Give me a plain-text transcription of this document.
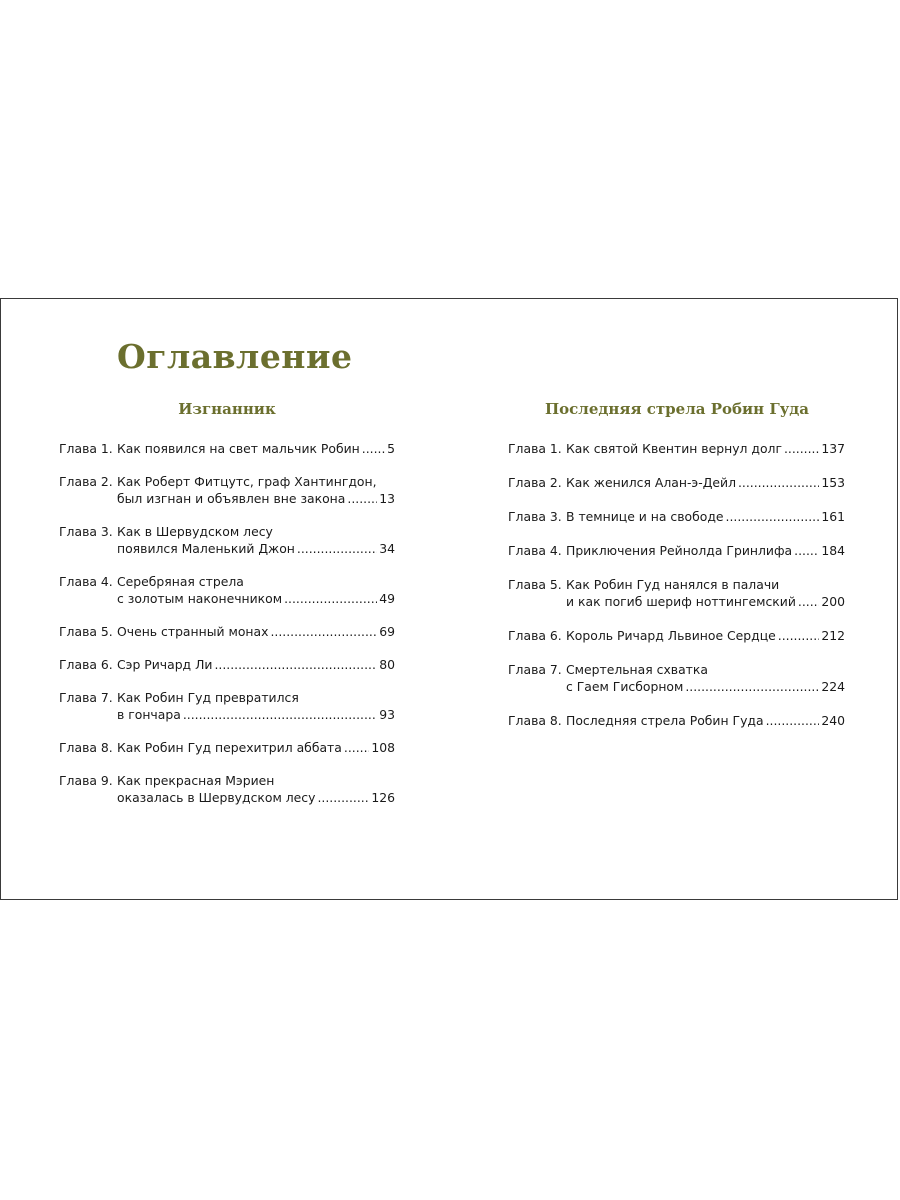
Оглавление
Изгнанник	Последняя стрела Робин Гуда
Глава 1. Как появился на свет мальчик Робин ..... 5
Глава 2. Как Роберт Фитцутс, граф Хантингдон,
был изгнан и объявлен вне закона .....	13
Глава 3. Как в Шервудском лесу
появился Маленький Джон .....	34
Глава 4. Серебряная стрела
с золотым наконечником .....	49
Глава 5. Очень странный монах .....	69
Глава 6. Сэр Ричард Ли .....	80
Глава 7. Как Робин Гуд превратился
в гончара .....	93
Глава 8. Как Робин Гуд перехитрил аббата ..... 108
Глава 9. Как прекрасная Мэриен
оказалась в Шервудском лесу .....	126
Глава 1. Как святой Квентин вернул долг .....	137
Глава 2. Как женился Алан-э-Дейл .....	153
Глава 3. В темнице и на свободе .....	161
Глава 4. Приключения Рейнолда Гринлифа ..... 184
Глава 5. Как Робин Гуд нанялся в палачи
и как погиб шериф ноттингемский ..... 200
Глава 6. Король Ричард Львиное Сердце .....	212
Глава 7. Смертельная схватка
с Гаем Гисборном .....	224
Глава 8. Последняя стрела Робин Гуда .....	240
